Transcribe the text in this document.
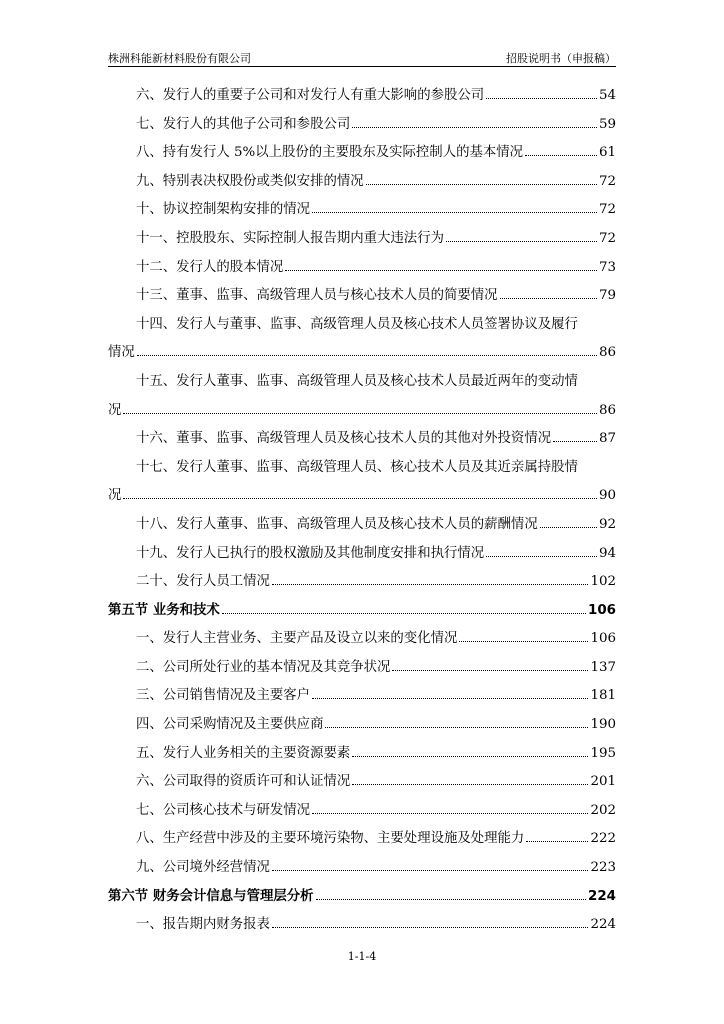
株洲科能新材料股份有限公司	招股说明书（申报稿）
六、发行人的重要子公司和对发行人有重大影响的参股公司	54
七、发行人的其他子公司和参股公司	59
八、持有发行人 5%以上股份的主要股东及实际控制人的基本情况	61
九、特别表决权股份或类似安排的情况	72
十、协议控制架构安排的情况	72
十一、控股股东、实际控制人报告期内重大违法行为	72
十二、发行人的股本情况	73
十三、董事、监事、高级管理人员与核心技术人员的简要情况	79
十四、发行人与董事、监事、高级管理人员及核心技术人员签署协议及履行
情况	86
十五、发行人董事、监事、高级管理人员及核心技术人员最近两年的变动情
况	86
十六、董事、监事、高级管理人员及核心技术人员的其他对外投资情况	87
十七、发行人董事、监事、高级管理人员、核心技术人员及其近亲属持股情
况	90
十八、发行人董事、监事、高级管理人员及核心技术人员的薪酬情况	92
十九、发行人已执行的股权激励及其他制度安排和执行情况	94
二十、发行人员工情况	102
第五节 业务和技术	106
一、发行人主营业务、主要产品及设立以来的变化情况	106
二、公司所处行业的基本情况及其竞争状况	137
三、公司销售情况及主要客户	181
四、公司采购情况及主要供应商	190
五、发行人业务相关的主要资源要素	195
六、公司取得的资质许可和认证情况	201
七、公司核心技术与研发情况	202
八、生产经营中涉及的主要环境污染物、主要处理设施及处理能力	222
九、公司境外经营情况	223
第六节 财务会计信息与管理层分析	224
一、报告期内财务报表	224
1-1-4
